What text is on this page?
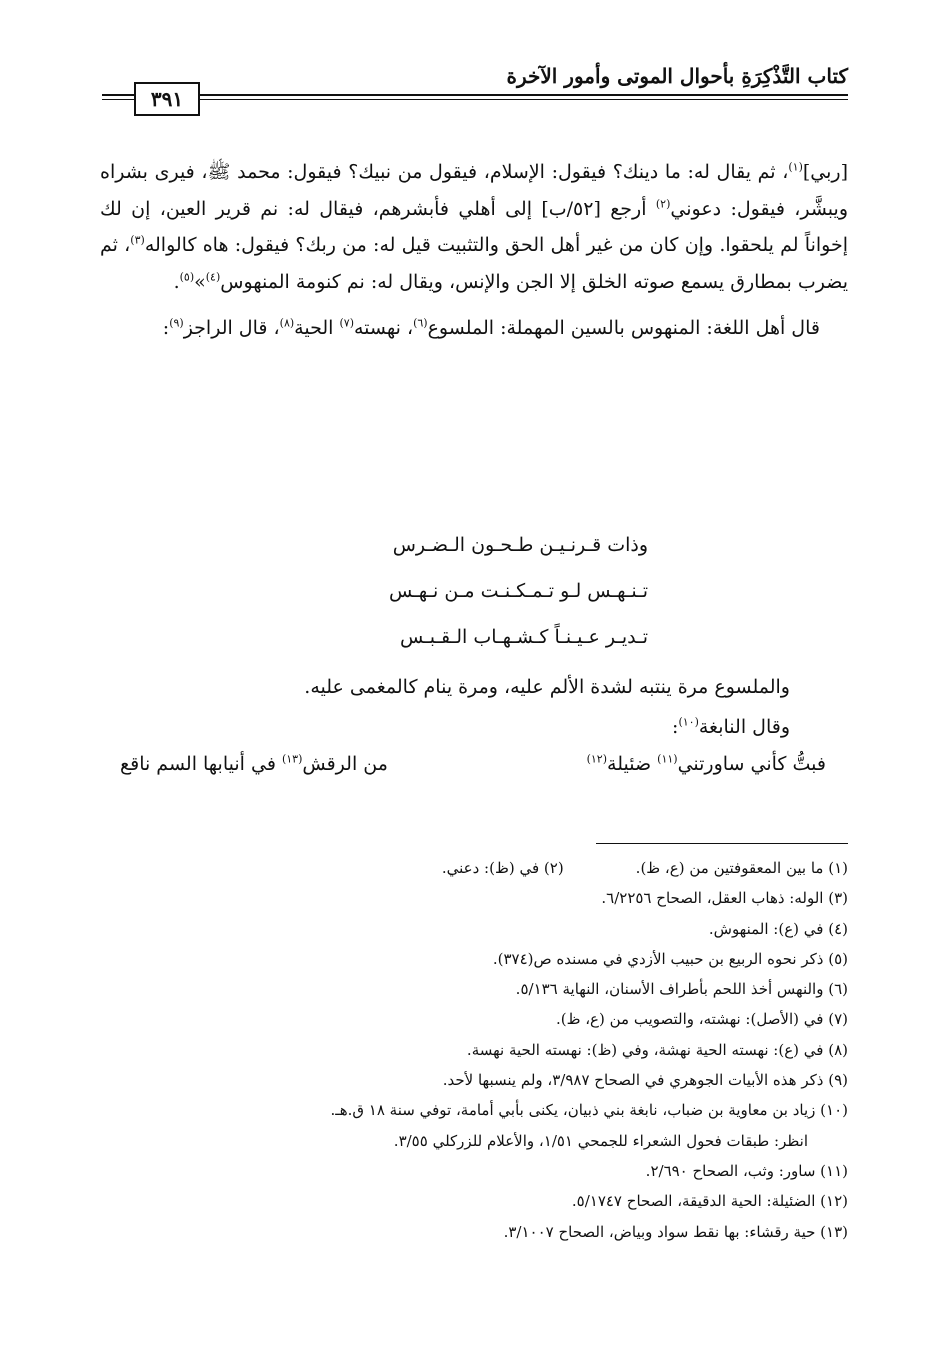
كتاب التَّذْكِرَةِ بأحوال الموتى وأمور الآخرة
٣٩١

[ربي]$^{(١)}$، ثم يقال له: ما دينك؟ فيقول: الإسلام، فيقول من نبيك؟ فيقول: محمد ﷺ، فيرى بشراه ويبشَّر، فيقول: دعوني$^{(٢)}$ أرجع [٥٢/ب] إلى أهلي فأبشرهم، فيقال له: نم قرير العين، إن لك إخواناً لم يلحقوا. وإن كان من غير أهل الحق والتثبيت قيل له: من ربك؟ فيقول: هاه كالواله$^{(٣)}$، ثم يضرب بمطارق يسمع صوته الخلق إلا الجن والإنس، ويقال له: نم كنومة المنهوس$^{(٤)}$»$^{(٥)}$.

قال أهل اللغة: المنهوس بالسين المهملة: الملسوع$^{(٦)}$، نهسته$^{(٧)}$ الحية$^{(٨)}$، قال الراجز$^{(٩)}$:

وذات قـرنـيـن طـحـون الـضـرس
تـنـهـس لـو تـمـكـنـت مـن نـهـس
تـديـر عـيـنـاً كـشـهـاب الـقـبـس

والملسوع مرة ينتبه لشدة الألم عليه، ومرة ينام كالمغمى عليه.

وقال النابغة$^{(١٠)}$:

فبتُّ كأني ساورتني$^{(١١)}$ ضئيلة$^{(١٢)}$
من الرقش$^{(١٣)}$ في أنيابها السم ناقع
(١) ما بين المعقوفتين من (ع، ظ).(٢) في (ظ): دعني.
(٣) الوله: ذهاب العقل، الصحاح ٦/٢٢٥٦.
(٤) في (ع): المنهوش.
(٥) ذكر نحوه الربيع بن حبيب الأزدي في مسنده ص(٣٧٤).
(٦) والنهس أخذ اللحم بأطراف الأسنان، النهاية ٥/١٣٦.
(٧) في (الأصل): نهشته، والتصويب من (ع، ظ).
(٨) في (ع): نهسته الحية نهشة، وفي (ظ): نهسته الحية نهسة.
(٩) ذكر هذه الأبيات الجوهري في الصحاح ٣/٩٨٧، ولم ينسبها لأحد.
(١٠) زياد بن معاوية بن ضباب، نابغة بني ذبيان، يكنى بأبي أمامة، توفي سنة ١٨ ق.هـ.
انظر: طبقات فحول الشعراء للجمحي ١/٥١، والأعلام للزركلي ٣/٥٥.
(١١) ساور: وثب، الصحاح ٢/٦٩٠.
(١٢) الضئيلة: الحية الدقيقة، الصحاح ٥/١٧٤٧.
(١٣) حية رقشاء: بها نقط سواد وبياض، الصحاح ٣/١٠٠٧.
